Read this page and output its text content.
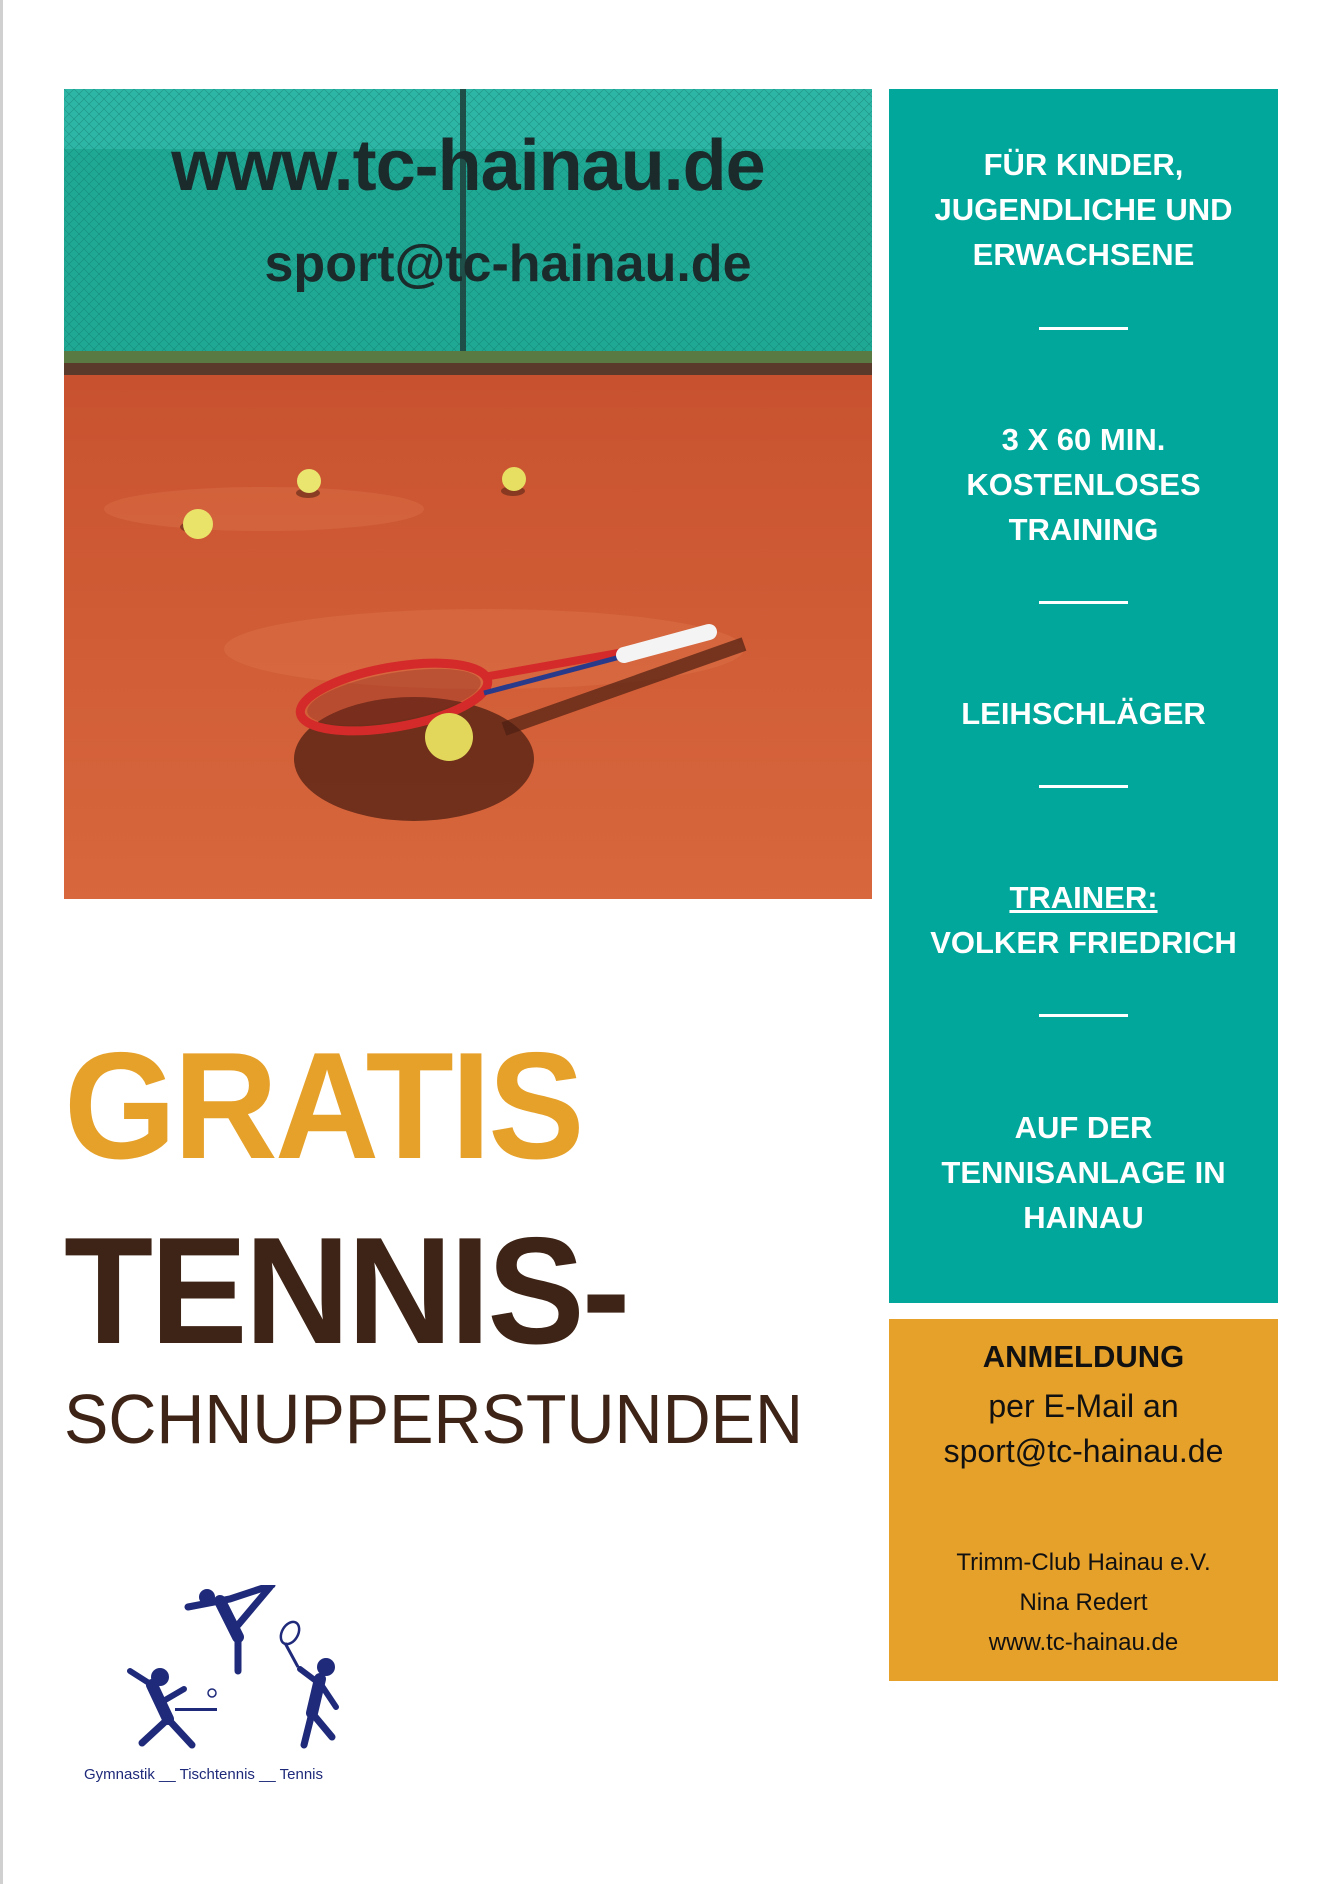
www.tc-hainau.de
sport@tc-hainau.de
GRATIS
TENNIS-
SCHNUPPERSTUNDEN
FÜR KINDER,
JUGENDLICHE UND
ERWACHSENE
3 X 60 MIN.
KOSTENLOSES
TRAINING
LEIHSCHLÄGER
TRAINER:
VOLKER FRIEDRICH
AUF DER
TENNISANLAGE IN
HAINAU
ANMELDUNG
per E-Mail an
sport@tc-hainau.de
Trimm-Club Hainau e.V.
Nina Redert
www.tc-hainau.de
Gymnastik __ Tischtennis __ Tennis
